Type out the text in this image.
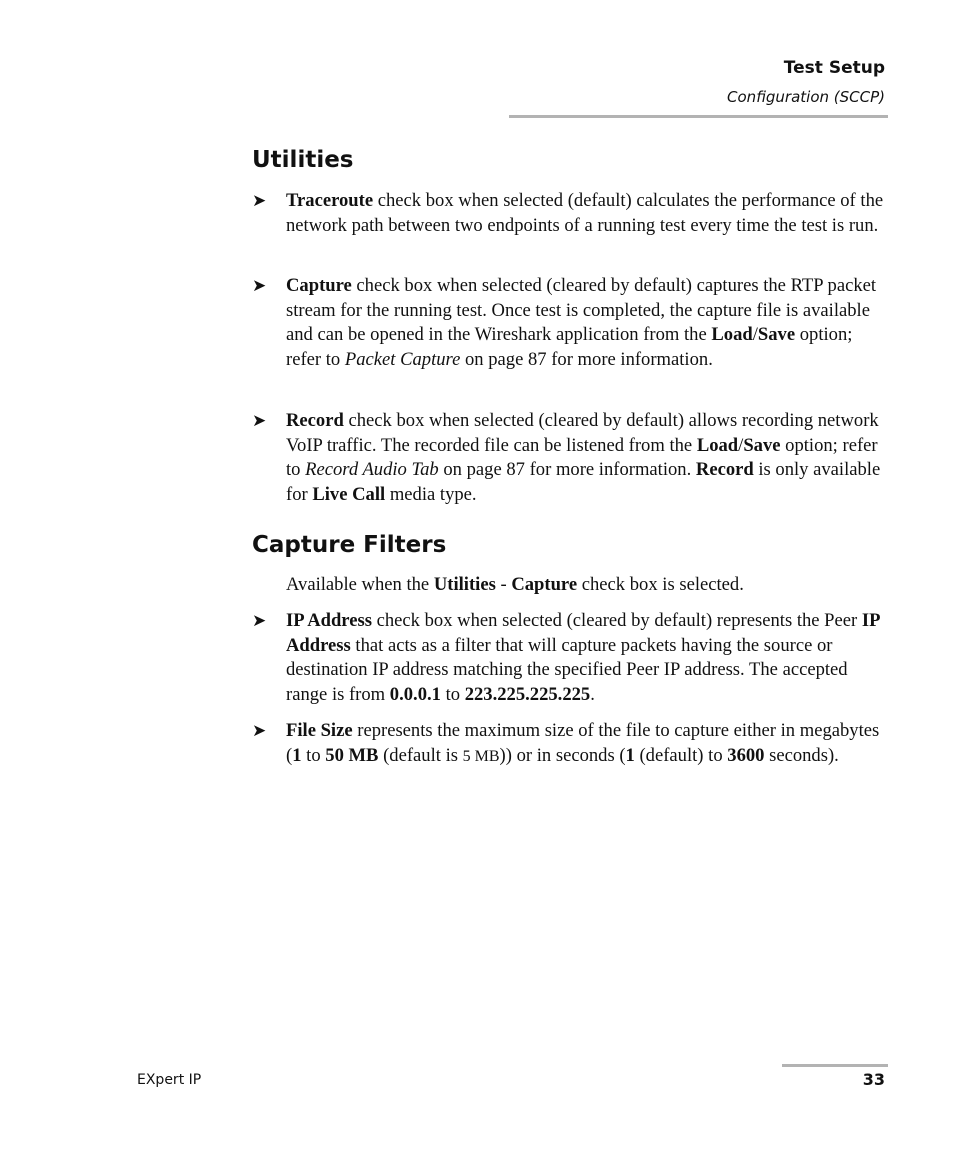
Test Setup
Configuration (SCCP)
Utilities
➤ Traceroute check box when selected (default) calculates the performance of the network path between two endpoints of a running test every time the test is run.
➤ Capture check box when selected (cleared by default) captures the RTP packet stream for the running test. Once test is completed, the capture file is available and can be opened in the Wireshark application from the Load/Save option; refer to Packet Capture on page 87 for more information.
➤ Record check box when selected (cleared by default) allows recording network VoIP traffic. The recorded file can be listened from the Load/Save option; refer to Record Audio Tab on page 87 for more information. Record is only available for Live Call media type.
Capture Filters
Available when the Utilities - Capture check box is selected.
➤ IP Address check box when selected (cleared by default) represents the Peer IP Address that acts as a filter that will capture packets having the source or destination IP address matching the specified Peer IP address. The accepted range is from 0.0.0.1 to 223.225.225.225.
➤ File Size represents the maximum size of the file to capture either in megabytes (1 to 50 MB (default is 5 MB)) or in seconds (1 (default) to 3600 seconds).
EXpert IP	33
